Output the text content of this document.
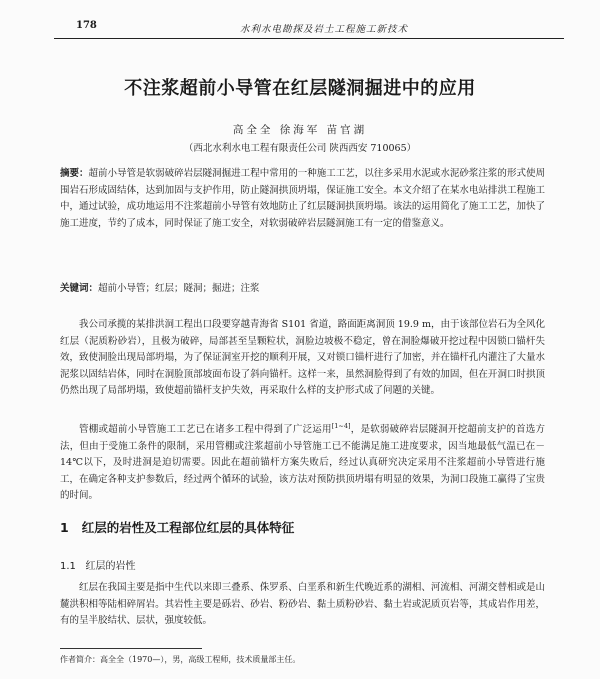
178	水利水电勘探及岩土工程施工新技术
不注浆超前小导管在红层隧洞掘进中的应用
高全全 徐海军 苗官湖
（西北水利水电工程有限责任公司 陕西西安 710065）
摘要：超前小导管是软弱破碎岩层隧洞掘进工程中常用的一种施工工艺，以往多采用水泥或水泥砂浆注浆的形式使周围岩石形成固结体，达到加固与支护作用，防止隧洞拱顶坍塌，保证施工安全。本文介绍了在某水电站排洪工程施工中，通过试验，成功地运用不注浆超前小导管有效地防止了红层隧洞拱顶坍塌。该法的运用简化了施工工艺，加快了施工进度，节约了成本，同时保证了施工安全，对软弱破碎岩层隧洞施工有一定的借鉴意义。
关键词：超前小导管；红层；隧洞；掘进；注浆

我公司承揽的某排洪洞工程出口段要穿越青海省 S101 省道，路面距离洞顶 19.9 m，由于该部位岩石为全风化红层（泥质粉砂岩），且极为破碎，局部甚至呈颗粒状，洞脸边坡极不稳定，曾在洞脸爆破开挖过程中因锁口锚杆失效，致使洞脸出现局部坍塌，为了保证洞室开挖的顺利开展，又对锁口锚杆进行了加密，并在锚杆孔内灌注了大量水泥浆以固结岩体，同时在洞脸顶部坡面布设了斜向锚杆。这样一来，虽然洞脸得到了有效的加固，但在开洞口时拱顶仍然出现了局部坍塌，致使超前锚杆支护失效，再采取什么样的支护形式成了问题的关键。

管棚或超前小导管施工工艺已在诸多工程中得到了广泛运用[1~4]，是软弱破碎岩层隧洞开挖超前支护的首选方法，但由于受施工条件的限制，采用管棚或注浆超前小导管施工已不能满足施工进度要求，因当地最低气温已在－14℃以下，及时进洞是迫切需要。因此在超前锚杆方案失败后，经过认真研究决定采用不注浆超前小导管进行施工，在确定各种支护参数后，经过两个循环的试验，该方法对预防拱顶坍塌有明显的效果，为洞口段施工赢得了宝贵的时间。

1 红层的岩性及工程部位红层的具体特征
1.1 红层的岩性

红层在我国主要是指中生代以来即三叠系、侏罗系、白垩系和新生代晚近系的湖相、河流相、河湖交替相或是山麓洪积相等陆相碎屑岩。其岩性主要是砾岩、砂岩、粉砂岩、黏土质粉砂岩、黏土岩或泥质页岩等，其成岩作用差，有的呈半胶结状、层状，强度较低。

作者简介：高全全（1970—），男，高级工程师，技术质量部主任。
